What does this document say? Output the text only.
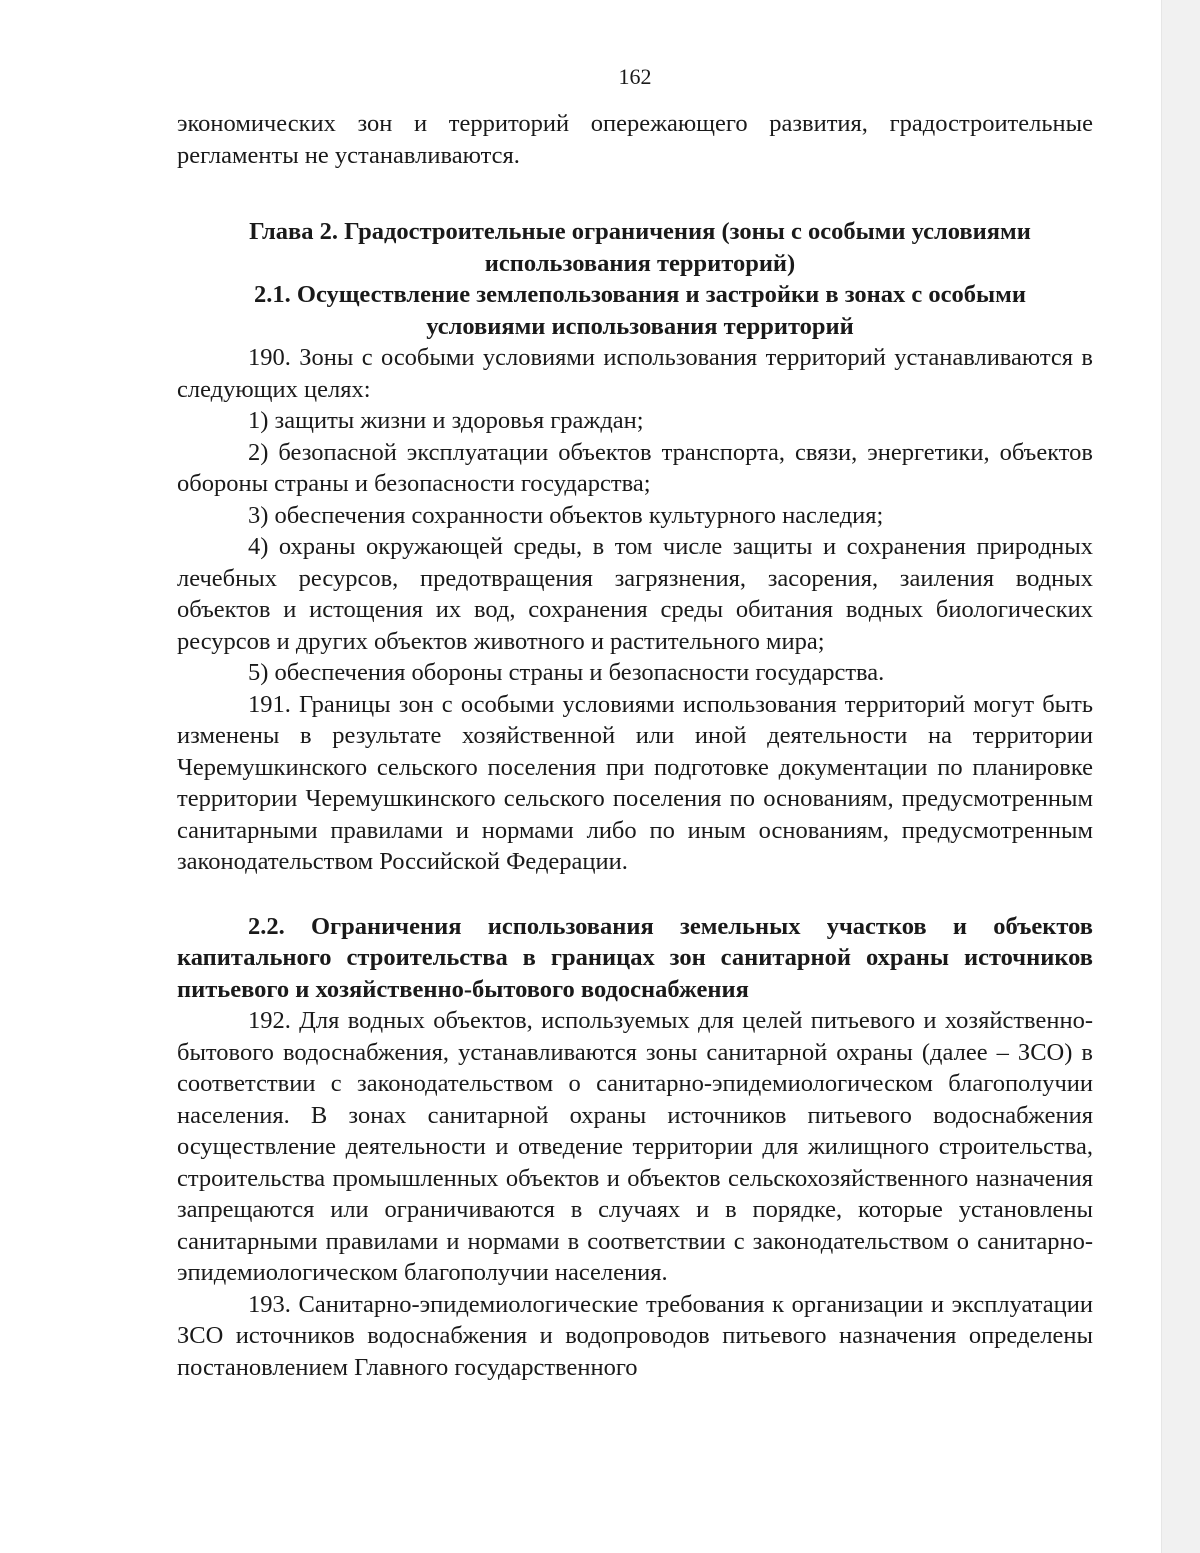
162

экономических зон и территорий опережающего развития, градостроительные регламенты не устанавливаются.

Глава 2. Градостроительные ограничения (зоны с особыми условиями использования территорий)

2.1. Осуществление землепользования и застройки в зонах с особыми условиями использования территорий

190. Зоны с особыми условиями использования территорий устанавливаются в следующих целях:

1) защиты жизни и здоровья граждан;

2) безопасной эксплуатации объектов транспорта, связи, энергетики, объектов обороны страны и безопасности государства;

3) обеспечения сохранности объектов культурного наследия;

4) охраны окружающей среды, в том числе защиты и сохранения природных лечебных ресурсов, предотвращения загрязнения, засорения, заиления водных объектов и истощения их вод, сохранения среды обитания водных биологических ресурсов и других объектов животного и растительного мира;

5) обеспечения обороны страны и безопасности государства.

191. Границы зон с особыми условиями использования территорий могут быть изменены в результате хозяйственной или иной деятельности на территории Черемушкинского сельского поселения при подготовке документации по планировке территории Черемушкинского сельского поселения по основаниям, предусмотренным санитарными правилами и нормами либо по иным основаниям, предусмотренным законодательством Российской Федерации.

2.2. Ограничения использования земельных участков и объектов капитального строительства в границах зон санитарной охраны источников питьевого и хозяйственно-бытового водоснабжения

192. Для водных объектов, используемых для целей питьевого и хозяйственно-бытового водоснабжения, устанавливаются зоны санитарной охраны (далее – ЗСО) в соответствии с законодательством о санитарно-эпидемиологическом благополучии населения. В зонах санитарной охраны источников питьевого водоснабжения осуществление деятельности и отведение территории для жилищного строительства, строительства промышленных объектов и объектов сельскохозяйственного назначения запрещаются или ограничиваются в случаях и в порядке, которые установлены санитарными правилами и нормами в соответствии с законодательством о санитарно-эпидемиологическом благополучии населения.

193. Санитарно-эпидемиологические требования к организации и эксплуатации ЗСО источников водоснабжения и водопроводов питьевого назначения определены постановлением Главного государственного
